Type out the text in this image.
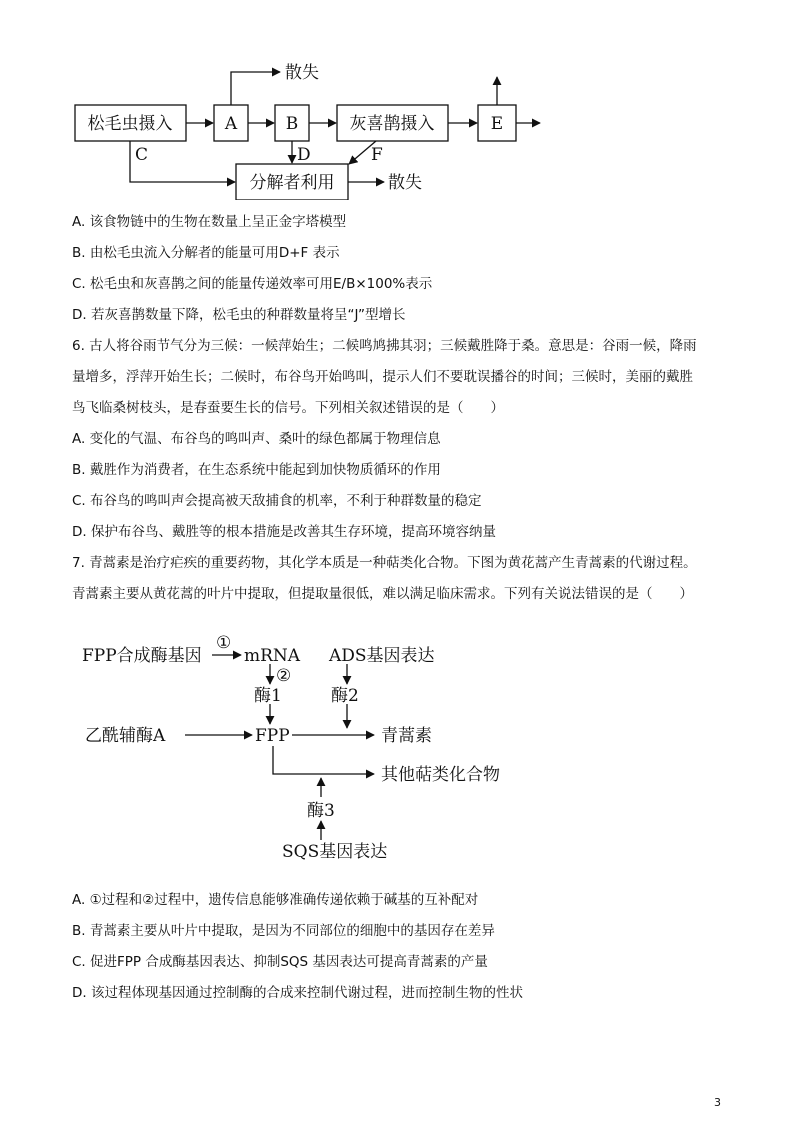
松毛虫摄入	A	B	灰喜鹊摄入	E
分解者利用
散失
散失
C	D	F
A. 该食物链中的生物在数量上呈正金字塔模型
B. 由松毛虫流入分解者的能量可用D+F 表示
C. 松毛虫和灰喜鹊之间的能量传递效率可用E/B×100%表示
D. 若灰喜鹊数量下降，松毛虫的种群数量将呈“J”型增长
6. 古人将谷雨节气分为三候：一候萍始生；二候鸣鸠拂其羽；三候戴胜降于桑。意思是：谷雨一候，降雨
量增多，浮萍开始生长；二候时，布谷鸟开始鸣叫，提示人们不要耽误播谷的时间；三候时，美丽的戴胜
鸟飞临桑树枝头，是春蚕要生长的信号。下列相关叙述错误的是（　　）
A. 变化的气温、布谷鸟的鸣叫声、桑叶的绿色都属于物理信息
B. 戴胜作为消费者，在生态系统中能起到加快物质循环的作用
C. 布谷鸟的鸣叫声会提高被天敌捕食的机率，不利于种群数量的稳定
D. 保护布谷鸟、戴胜等的根本措施是改善其生存环境，提高环境容纳量
7. 青蒿素是治疗疟疾的重要药物，其化学本质是一种萜类化合物。下图为黄花蒿产生青蒿素的代谢过程。
青蒿素主要从黄花蒿的叶片中提取，但提取量很低，难以满足临床需求。下列有关说法错误的是（　　）
FPP合成酶基因
①
mRNA
②
ADS基因表达
酶1	酶2
乙酰辅酶A	FPP	青蒿素
其他萜类化合物
酶3
SQS基因表达
A. ①过程和②过程中，遗传信息能够准确传递依赖于碱基的互补配对
B. 青蒿素主要从叶片中提取，是因为不同部位的细胞中的基因存在差异
C. 促进FPP 合成酶基因表达、抑制SQS 基因表达可提高青蒿素的产量
D. 该过程体现基因通过控制酶的合成来控制代谢过程，进而控制生物的性状
3
